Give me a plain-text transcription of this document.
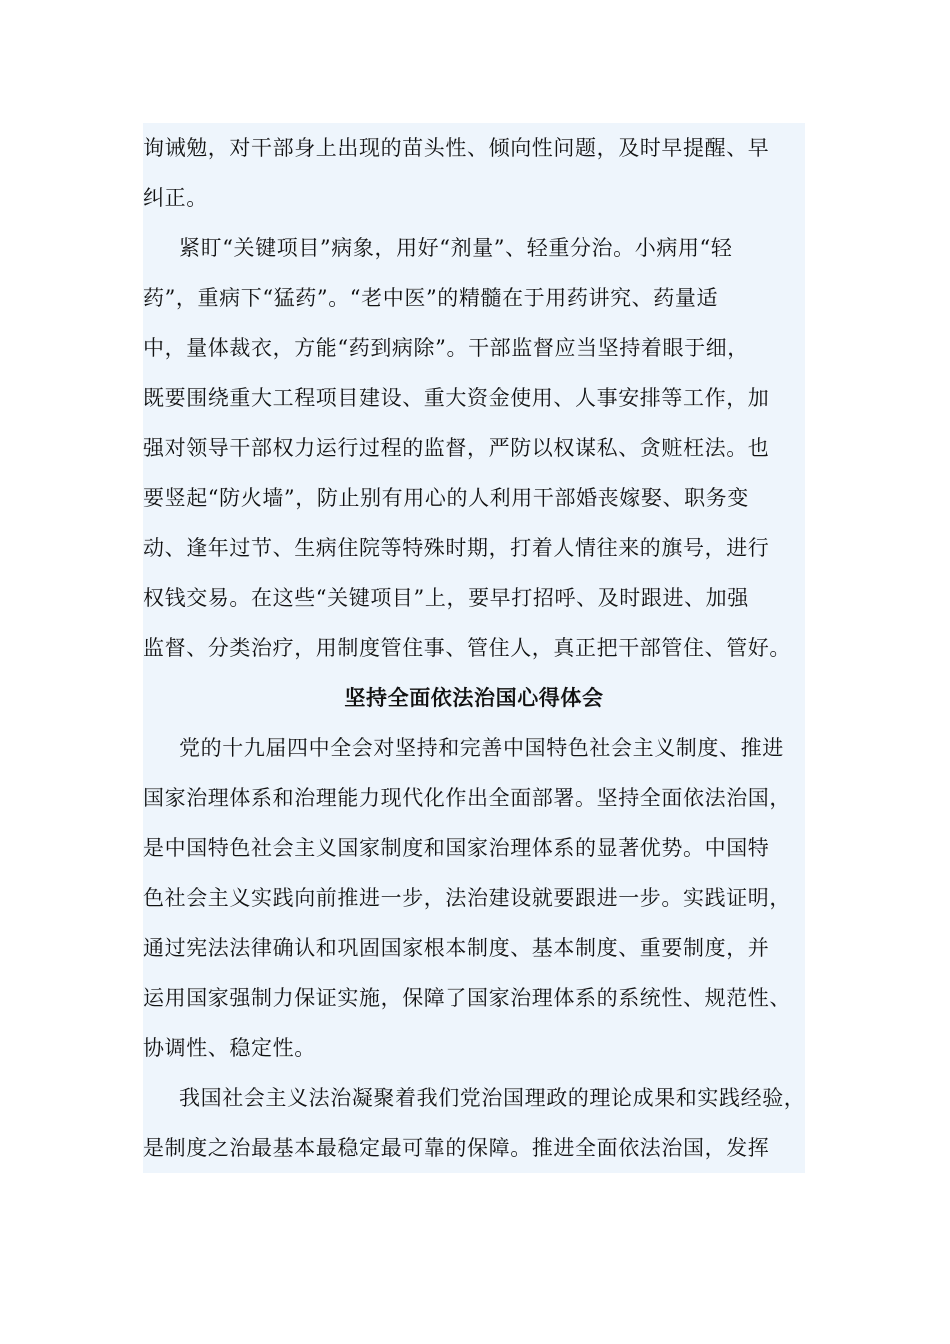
询诫勉，对干部身上出现的苗头性、倾向性问题，及时早提醒、早
纠正。
紧盯“关键项目”病象，用好“剂量”、轻重分治。小病用“轻
药”，重病下“猛药”。“老中医”的精髓在于用药讲究、药量适
中，量体裁衣，方能“药到病除”。干部监督应当坚持着眼于细，
既要围绕重大工程项目建设、重大资金使用、人事安排等工作，加
强对领导干部权力运行过程的监督，严防以权谋私、贪赃枉法。也
要竖起“防火墙”，防止别有用心的人利用干部婚丧嫁娶、职务变
动、逢年过节、生病住院等特殊时期，打着人情往来的旗号，进行
权钱交易。在这些“关键项目”上，要早打招呼、及时跟进、加强
监督、分类治疗，用制度管住事、管住人，真正把干部管住、管好。
坚持全面依法治国心得体会
党的十九届四中全会对坚持和完善中国特色社会主义制度、推进
国家治理体系和治理能力现代化作出全面部署。坚持全面依法治国，
是中国特色社会主义国家制度和国家治理体系的显著优势。中国特
色社会主义实践向前推进一步，法治建设就要跟进一步。实践证明，
通过宪法法律确认和巩固国家根本制度、基本制度、重要制度，并
运用国家强制力保证实施，保障了国家治理体系的系统性、规范性、
协调性、稳定性。
我国社会主义法治凝聚着我们党治国理政的理论成果和实践经验，
是制度之治最基本最稳定最可靠的保障。推进全面依法治国，发挥
